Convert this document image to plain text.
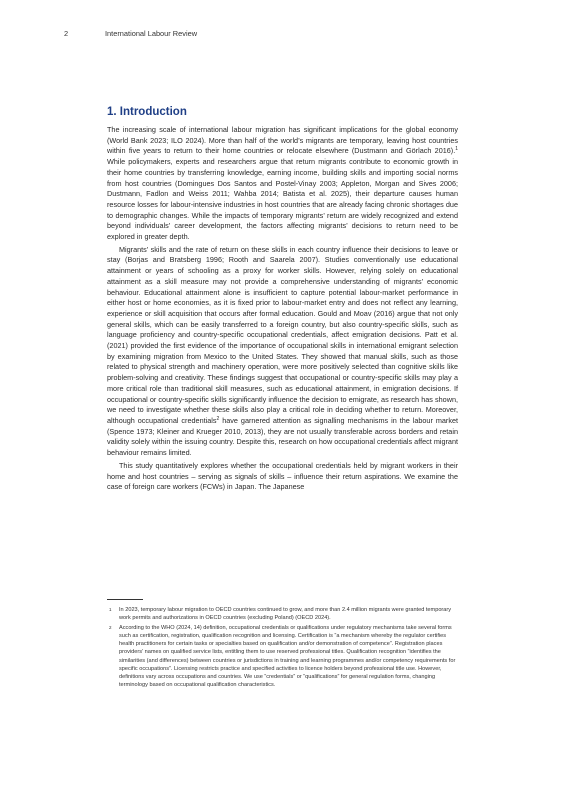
2	International Labour Review
1. Introduction

The increasing scale of international labour migration has significant implications for the global economy (World Bank 2023; ILO 2024). More than half of the world’s migrants are temporary, leaving host countries within five years to return to their home countries or relocate elsewhere (Dustmann and Görlach 2016).$^1$ While policymakers, experts and researchers argue that return migrants contribute to economic growth in their home countries by transferring knowledge, earning income, building skills and importing social norms from host countries (Domingues Dos Santos and Postel-Vinay 2003; Appleton, Morgan and Sives 2006; Dustmann, Fadlon and Weiss 2011; Wahba 2014; Batista et al. 2025), their departure causes human resource losses for labour-intensive industries in host countries that are already facing chronic shortages due to demographic changes. While the impacts of temporary migrants’ return are widely recognized and extend beyond individuals’ career development, the factors affecting migrants’ decisions to return need to be explored in greater depth.

Migrants’ skills and the rate of return on these skills in each country influence their decisions to leave or stay (Borjas and Bratsberg 1996; Rooth and Saarela 2007). Studies conventionally use educational attainment or years of schooling as a proxy for worker skills. However, relying solely on educational attainment as a skill measure may not provide a comprehensive understanding of migrants’ economic behaviour. Educational attainment alone is insufficient to capture potential labour-market performance in either host or home economies, as it is fixed prior to labour-market entry and does not reflect any learning, experience or skill acquisition that occurs after formal education. Gould and Moav (2016) argue that not only general skills, which can be easily transferred to a foreign country, but also country-specific skills, such as language proficiency and country-specific occupational credentials, affect emigration decisions. Patt et al. (2021) provided the first evidence of the importance of occupational skills in international emigrant selection by examining migration from Mexico to the United States. They showed that manual skills, such as those related to physical strength and machinery operation, were more positively selected than cognitive skills like problem-solving and creativity. These findings suggest that occupational or country-specific skills may play a more critical role than traditional skill measures, such as educational attainment, in emigration decisions. If occupational or country-specific skills significantly influence the decision to emigrate, as research has shown, we need to investigate whether these skills also play a critical role in deciding whether to return. Moreover, although occupational credentials$^2$ have garnered attention as signalling mechanisms in the labour market (Spence 1973; Kleiner and Krueger 2010, 2013), they are not usually transferable across borders and retain validity solely within the issuing country. Despite this, research on how occupational credentials affect migrant behaviour remains limited.

This study quantitatively explores whether the occupational credentials held by migrant workers in their home and host countries – serving as signals of skills – influence their return aspirations. We examine the case of foreign care workers (FCWs) in Japan. The Japanese

1 In 2023, temporary labour migration to OECD countries continued to grow, and more than 2.4 million migrants were granted temporary work permits and authorizations in OECD countries (excluding Poland) (OECD 2024).
2 According to the WHO (2024, 14) definition, occupational credentials or qualifications under regulatory mechanisms take several forms such as certification, registration, qualification recognition and licensing. Certification is “a mechanism whereby the regulator certifies health practitioners for certain tasks or specialties based on qualification and/or demonstration of competence”. Registration places providers’ names on qualified service lists, entitling them to use reserved professional titles. Qualification recognition “identifies the similarities (and differences) between countries or jurisdictions in training and learning programmes and/or competency requirements for specific occupations”. Licensing restricts practice and specified activities to licence holders beyond professional title use. However, definitions vary across occupations and countries. We use “credentials” or “qualifications” for general regulation forms, changing terminology based on occupational qualification characteristics.
